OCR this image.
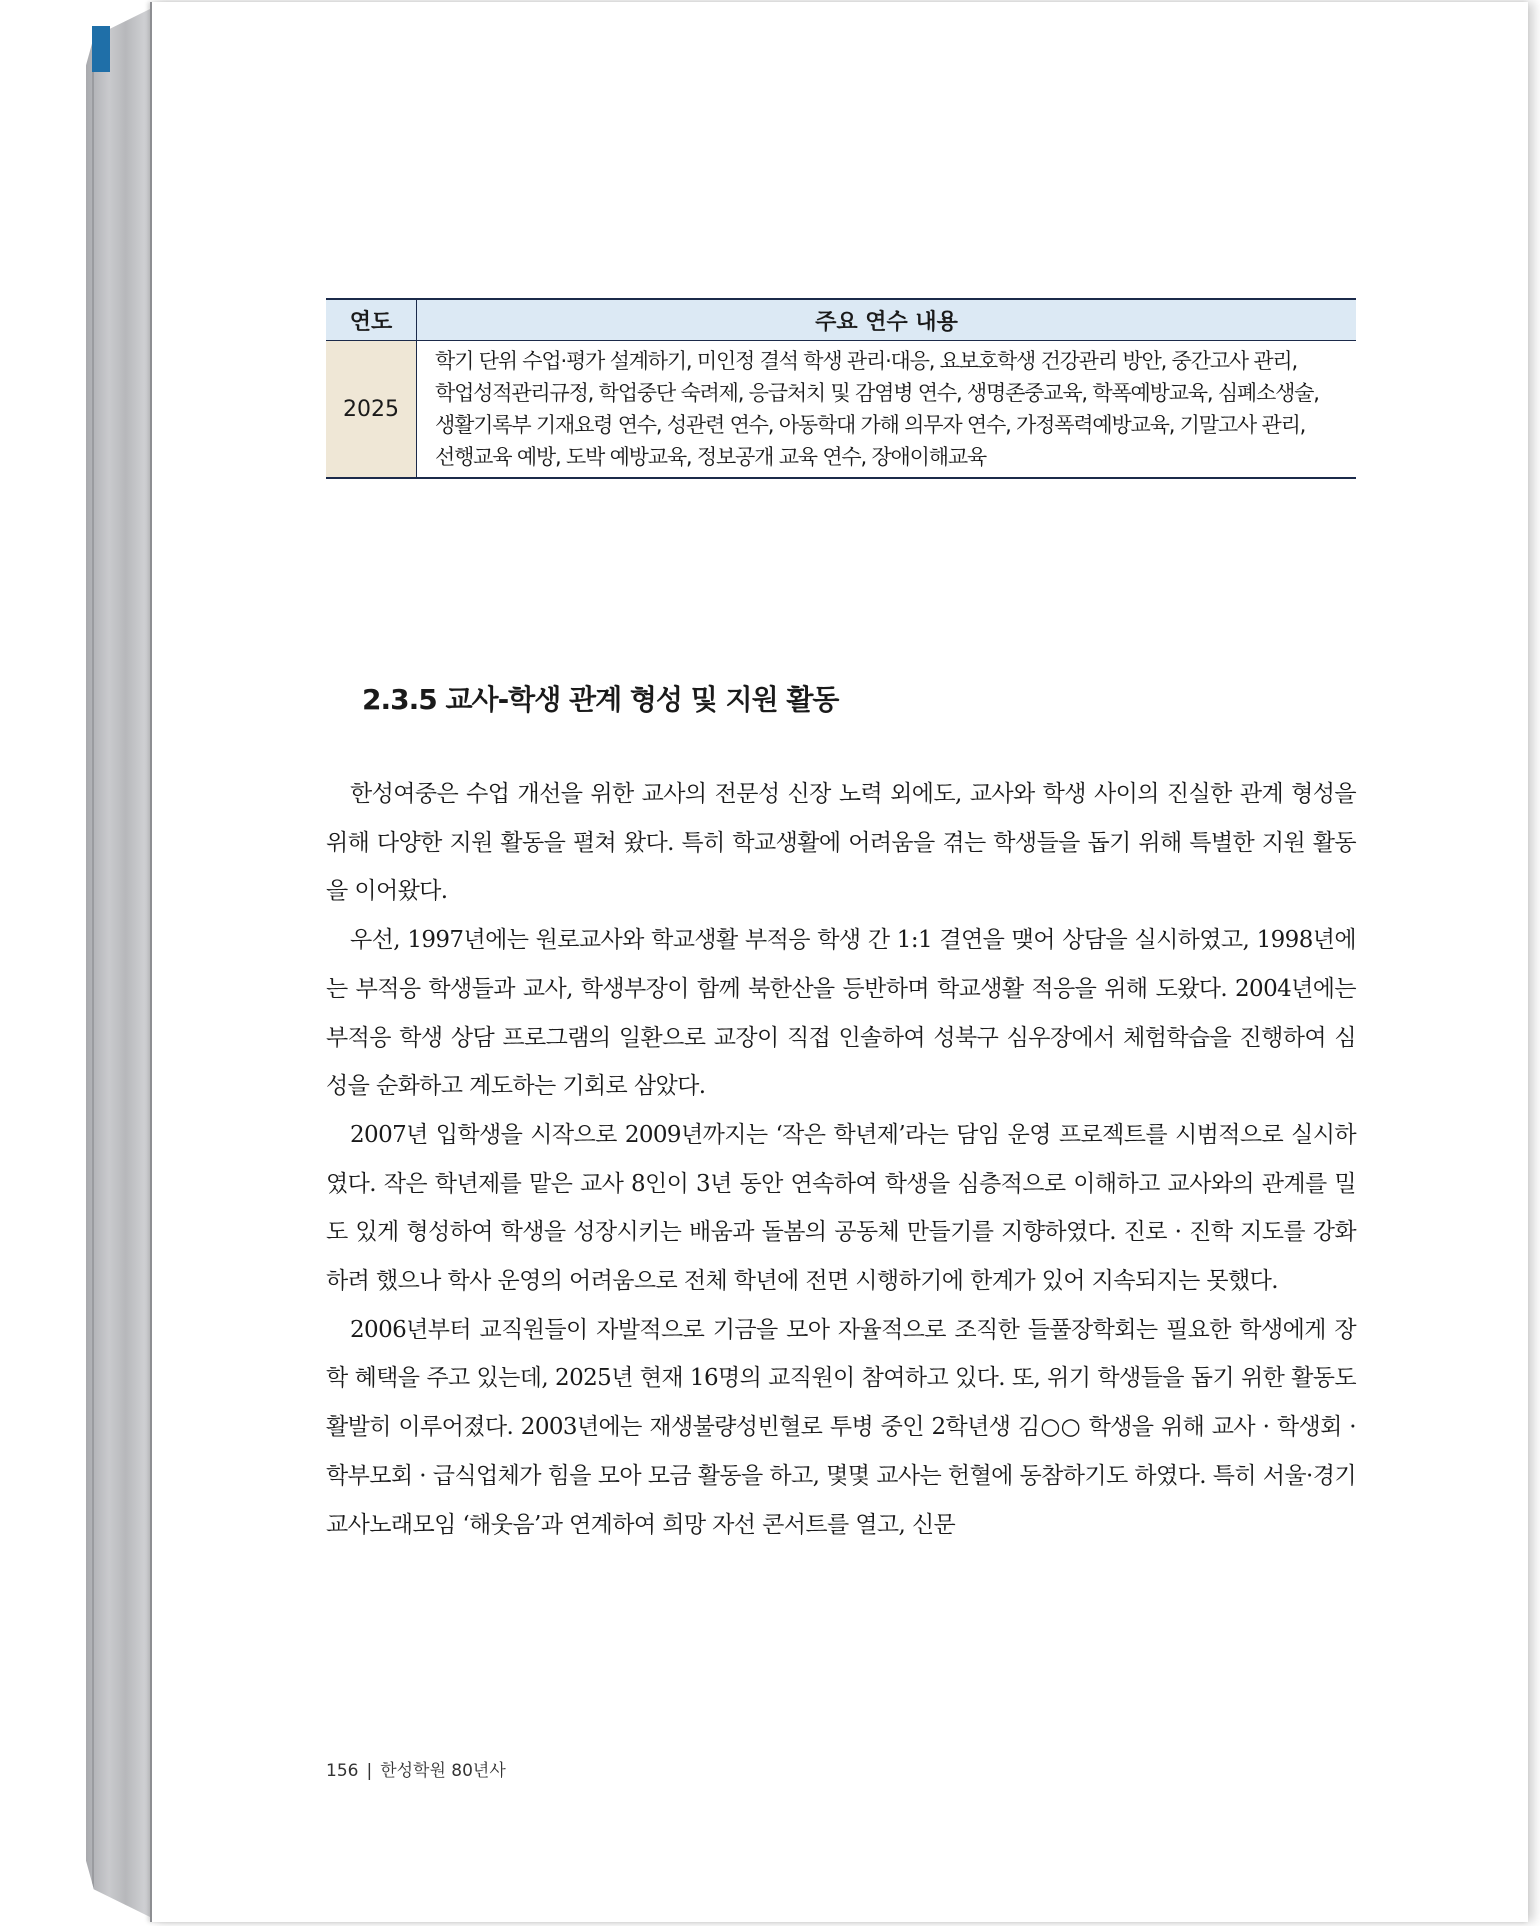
연도	주요 연수 내용
2025	학기 단위 수업·평가 설계하기, 미인정 결석 학생 관리·대응, 요보호학생 건강관리 방안, 중간고사 관리,
학업성적관리규정, 학업중단 숙려제, 응급처치 및 감염병 연수, 생명존중교육, 학폭예방교육, 심폐소생술,
생활기록부 기재요령 연수, 성관련 연수, 아동학대 가해 의무자 연수, 가정폭력예방교육, 기말고사 관리,
선행교육 예방, 도박 예방교육, 정보공개 교육 연수, 장애이해교육
2.3.5 교사-학생 관계 형성 및 지원 활동

한성여중은 수업 개선을 위한 교사의 전문성 신장 노력 외에도, 교사와 학생 사이의 진실한 관계 형성을 위해 다양한 지원 활동을 펼쳐 왔다. 특히 학교생활에 어려움을 겪는 학생들을 돕기 위해 특별한 지원 활동을 이어왔다.

우선, 1997년에는 원로교사와 학교생활 부적응 학생 간 1:1 결연을 맺어 상담을 실시하였고, 1998년에는 부적응 학생들과 교사, 학생부장이 함께 북한산을 등반하며 학교생활 적응을 위해 도왔다. 2004년에는 부적응 학생 상담 프로그램의 일환으로 교장이 직접 인솔하여 성북구 심우장에서 체험학습을 진행하여 심성을 순화하고 계도하는 기회로 삼았다.

2007년 입학생을 시작으로 2009년까지는 ‘작은 학년제’라는 담임 운영 프로젝트를 시범적으로 실시하였다. 작은 학년제를 맡은 교사 8인이 3년 동안 연속하여 학생을 심층적으로 이해하고 교사와의 관계를 밀도 있게 형성하여 학생을 성장시키는 배움과 돌봄의 공동체 만들기를 지향하였다. 진로 · 진학 지도를 강화하려 했으나 학사 운영의 어려움으로 전체 학년에 전면 시행하기에 한계가 있어 지속되지는 못했다.

2006년부터 교직원들이 자발적으로 기금을 모아 자율적으로 조직한 들풀장학회는 필요한 학생에게 장학 혜택을 주고 있는데, 2025년 현재 16명의 교직원이 참여하고 있다. 또, 위기 학생들을 돕기 위한 활동도 활발히 이루어졌다. 2003년에는 재생불량성빈혈로 투병 중인 2학년생 김○○ 학생을 위해 교사 · 학생회 · 학부모회 · 급식업체가 힘을 모아 모금 활동을 하고, 몇몇 교사는 헌혈에 동참하기도 하였다. 특히 서울·경기 교사노래모임 ‘해웃음’과 연계하여 희망 자선 콘서트를 열고, 신문

156 | 한성학원 80년사
